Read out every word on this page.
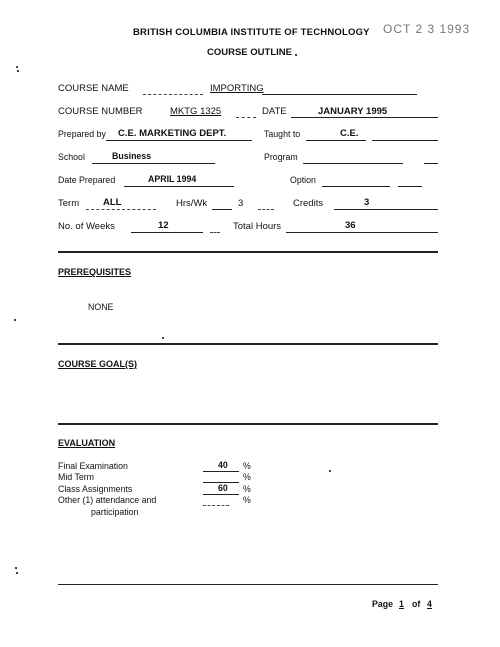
BRITISH COLUMBIA INSTITUTE OF TECHNOLOGY OCT 2 3 1993
COURSE OUTLINE
COURSE NAME	IMPORTING
COURSE NUMBER	MKTG 1325	DATE	JANUARY 1995
Prepared by C.E. MARKETING DEPT.	Taught to	C.E.
School	Business	Program
Date Prepared	APRIL 1994	Option
Term	ALL	Hrs/Wk	3	Credits	3
No. of Weeks	12	Total Hours	36
PREREQUISITES
NONE
COURSE GOAL(S)
EVALUATION
Final Examination	40 %
Mid Term	%
Class Assignments	60 %
Other (1) attendance and	%
participation
Page 1 of 4
